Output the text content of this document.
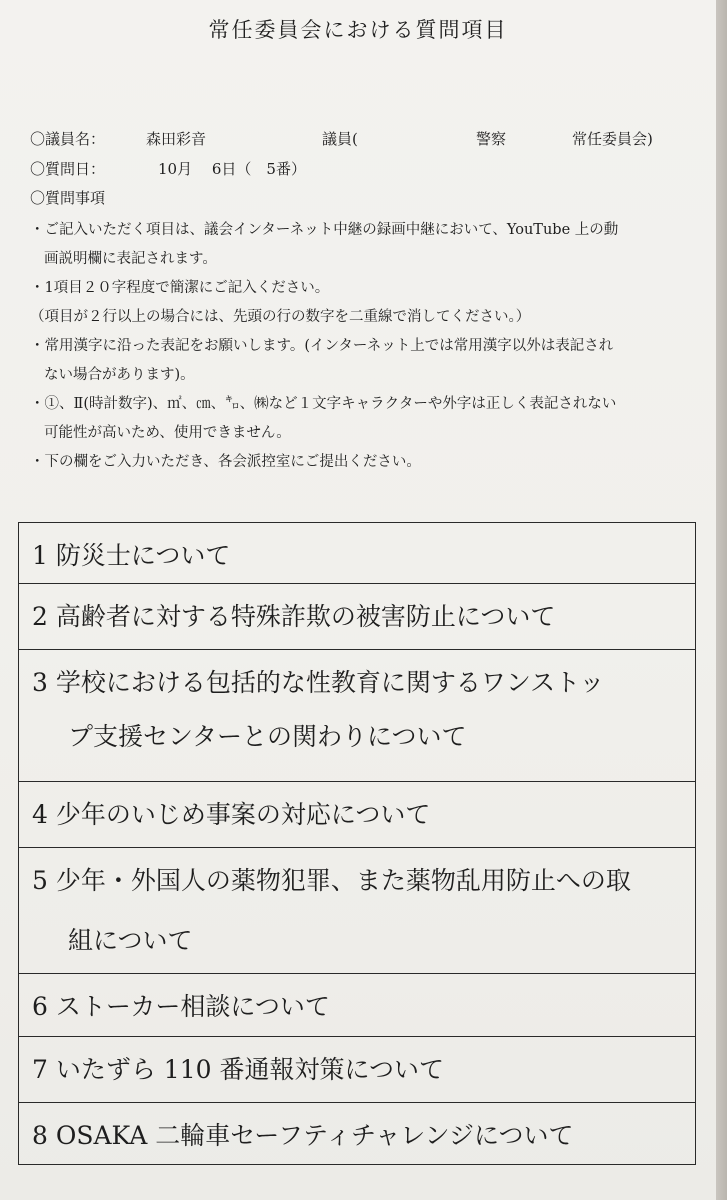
常任委員会における質問項目
〇議員名：	森田彩音	議員(	警察	常任委員会)
〇質問日：	10月　 6日（　5番）
〇質問事項
・ご記入いただく項目は、議会インターネット中継の録画中継において、YouTube 上の動
画説明欄に表記されます。
・1項目２０字程度で簡潔にご記入ください。
（項目が２行以上の場合には、先頭の行の数字を二重線で消してください。）
・常用漢字に沿った表記をお願いします。(インターネット上では常用漢字以外は表記され
ない場合があります)。
・①、Ⅱ(時計数字)、㎡、㎝、㌔、㈱など１文字キャラクターや外字は正しく表記されない
可能性が高いため、使用できません。
・下の欄をご入力いただき、各会派控室にご提出ください。
1 防災士について
2 高齢者に対する特殊詐欺の被害防止について
3 学校における包括的な性教育に関するワンストッ
プ支援センターとの関わりについて
4 少年のいじめ事案の対応について
5 少年・外国人の薬物犯罪、また薬物乱用防止への取
組について
6 ストーカー相談について
7 いたずら 110 番通報対策について
8 OSAKA 二輪車セーフティチャレンジについて
